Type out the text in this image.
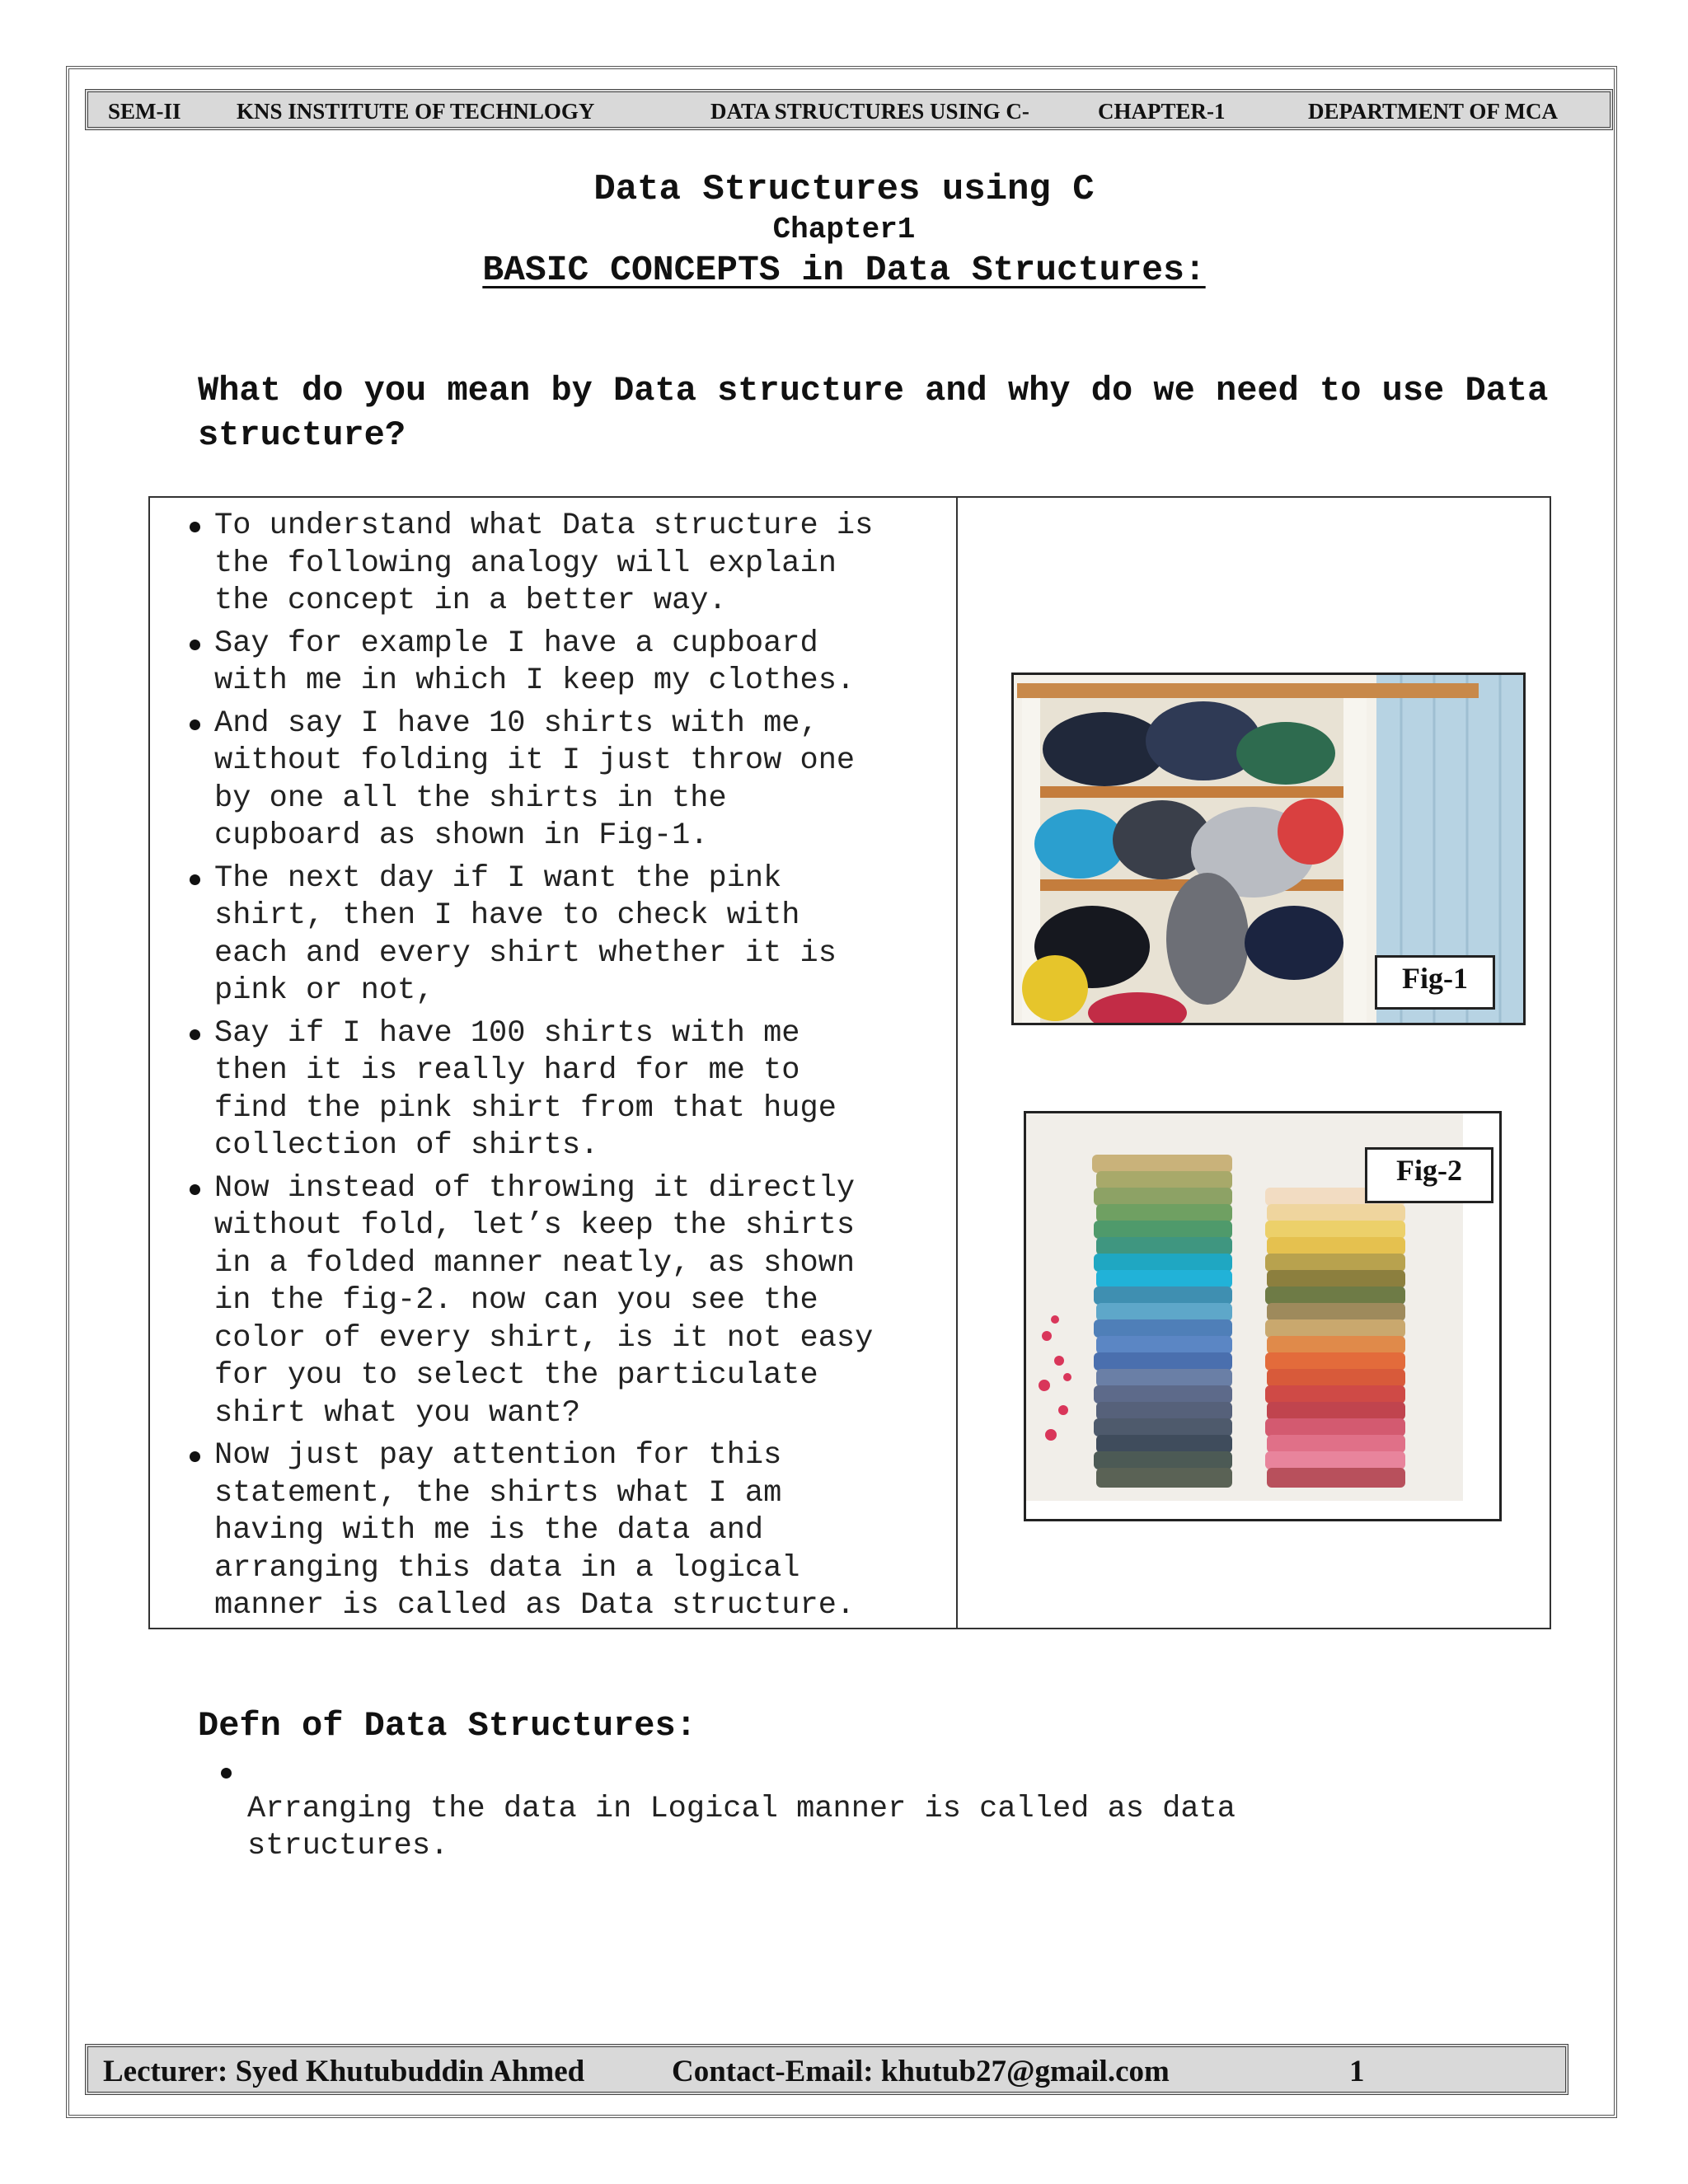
SEM-II KNS INSTITUTE OF TECHNLOGY	DATA STRUCTURES USING C-	CHAPTER-1	DEPARTMENT OF MCA
Data Structures using C
Chapter1
BASIC CONCEPTS in Data Structures:
What do you mean by Data structure and why do we need to use Data structure?
To understand what Data structure is
the following analogy will explain
the concept in a better way.
Say for example I have a cupboard
with me in which I keep my clothes.
And say I have 10 shirts with me,
without folding it I just throw one
by one all the shirts in the
cupboard as shown in Fig-1.
The next day if I want the pink
shirt, then I have to check with
each and every shirt whether it is
pink or not,
Say if I have 100 shirts with me
then it is really hard for me to
find the pink shirt from that huge
collection of shirts.
Now instead of throwing it directly
without fold, let’s keep the shirts
in a folded manner neatly, as shown
in the fig-2. now can you see the
color of every shirt, is it not easy
for you to select the particulate
shirt what you want?
Now just pay attention for this
statement, the shirts what I am
having with me is the data and
arranging this data in a logical
manner is called as Data structure.
Fig-1
Fig-2
Defn of Data Structures:

Arranging the data in Logical manner is called as data
structures.

Lecturer: Syed Khutubuddin Ahmed	Contact-Email: khutub27@gmail.com	1
